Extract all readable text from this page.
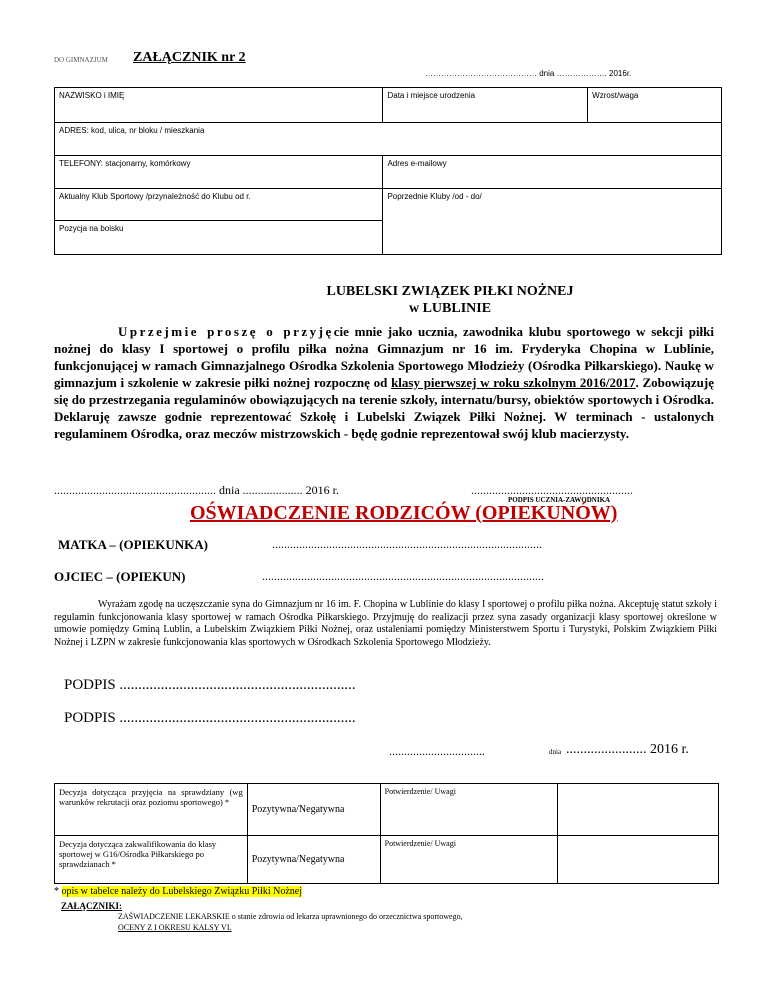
DO GIMNAZJUM ZAŁĄCZNIK nr 2
…………………………………… dnia ………………. 2016r.
NAZWISKO i IMIĘ	Data i miejsce urodzenia	Wzrost/waga
ADRES: kod, ulica, nr bloku / mieszkania		
TELEFONY: stacjonarny, komórkowy	Adres e-mailowy	
Aktualny Klub Sportowy /przynależność do Klubu od r.	Poprzednie Kluby /od - do/	
Pozycja na boisku		
LUBELSKI ZWIĄZEK PIŁKI NOŻNEJ
w LUBLINIE
Uprzejmie proszę o przyjęcie mnie jako ucznia, zawodnika klubu sportowego w sekcji piłki nożnej do klasy I sportowej o profilu piłka nożna Gimnazjum nr 16 im. Fryderyka Chopina w Lublinie, funkcjonującej w ramach Gimnazjalnego Ośrodka Szkolenia Sportowego Młodzieży (Ośrodka Piłkarskiego). Naukę w gimnazjum i szkolenie w zakresie piłki nożnej rozpocznę od klasy pierwszej w roku szkolnym 2016/2017. Zobowiązuję się do przestrzegania regulaminów obowiązujących na terenie szkoły, internatu/bursy, obiektów sportowych i Ośrodka. Deklaruję zawsze godnie reprezentować Szkołę i Lubelski Związek Piłki Nożnej. W terminach - ustalonych regulaminem Ośrodka, oraz meczów mistrzowskich - będę godnie reprezentował swój klub macierzysty.
...................................................... dnia .................... 2016 r.	......................................................
PODPIS UCZNIA-ZAWODNIKA
OŚWIADCZENIE RODZICÓW (OPIEKUNÓW)
MATKA – (OPIEKUNKA)	..........................................................................................
OJCIEC – (OPIEKUN)	..............................................................................................
Wyrażam zgodę na uczęszczanie syna do Gimnazjum nr 16 im. F. Chopina w Lublinie do klasy I sportowej o profilu piłka nożna. Akceptuję statut szkoły i regulamin funkcjonowania klasy sportowej w ramach Ośrodka Piłkarskiego. Przyjmuję do realizacji przez syna zasady organizacji klasy sportowej określone w umowie pomiędzy Gminą Lublin, a Lubelskim Związkiem Piłki Nożnej, oraz ustaleniami pomiędzy Ministerstwem Sportu i Turystyki, Polskim Związkiem Piłki Nożnej i LZPN w zakresie funkcjonowania klas sportowych w Ośrodkach Szkolenia Sportowego Młodzieży.
PODPIS ...............................................................
PODPIS ...............................................................
................................	dnia ....................... 2016 r.
Decyzja dotycząca przyjęcia na sprawdziany (wg warunków rekrutacji oraz poziomu sportowego) *	Pozytywna/Negatywna	Potwierdzenie/ Uwagi	
Decyzja dotycząca zakwalifikowania do klasy sportowej w G16/Ośrodka Piłkarskiego po sprawdzianach *	Pozytywna/Negatywna	Potwierdzenie/ Uwagi	
* opis w tabelce należy do Lubelskiego Związku Piłki Nożnej
ZAŁĄCZNIKI:
ZAŚWIADCZENIE LEKARSKIE o stanie zdrowia od lekarza uprawnionego do orzecznictwa sportowego,
OCENY Z I OKRESU KALSY VI.
